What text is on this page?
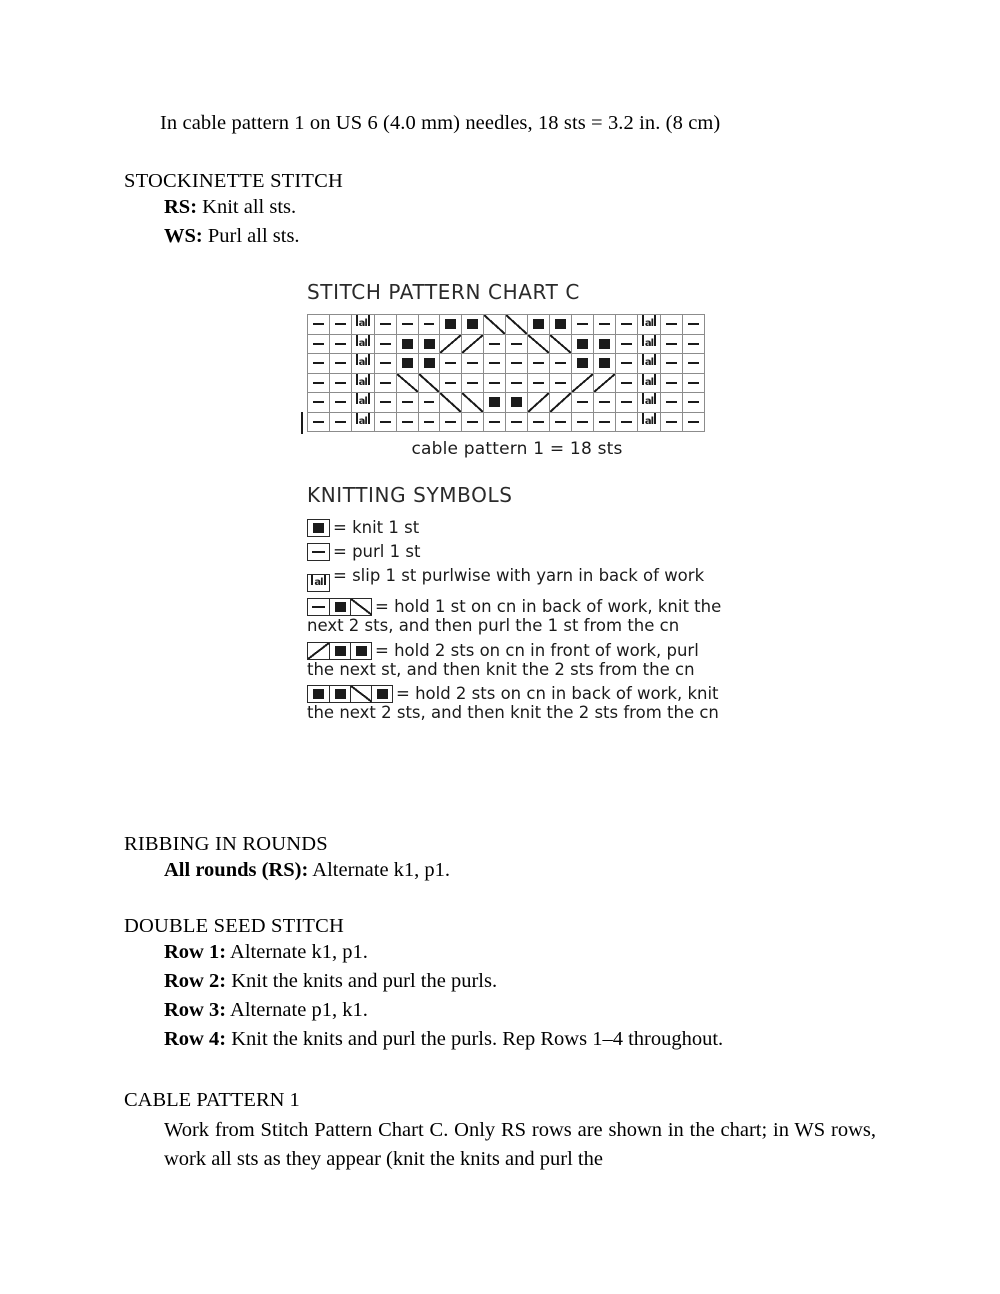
In cable pattern 1 on US 6 (4.0 mm) needles, 18 sts = 3.2 in. (8 cm)
STOCKINETTE STITCH
RS: Knit all sts.
WS: Purl all sts.
STITCH PATTERN CHART C
		al													al		
		al													al		
		al													al		
		al													al		
		al													al		
		al													al		
cable pattern 1 = 18 sts
KNITTING SYMBOLS
= knit 1 st
= purl 1 st
al = slip 1 st purlwise with yarn in back of work
= hold 1 st on cn in back of work, knit the next 2 sts, and then purl the 1 st from the cn
= hold 2 sts on cn in front of work, purl the next st, and then knit the 2 sts from the cn
= hold 2 sts on cn in back of work, knit the next 2 sts, and then knit the 2 sts from the cn
RIBBING IN ROUNDS
All rounds (RS): Alternate k1, p1.
DOUBLE SEED STITCH
Row 1: Alternate k1, p1.
Row 2: Knit the knits and purl the purls.
Row 3: Alternate p1, k1.
Row 4: Knit the knits and purl the purls. Rep Rows 1–4 throughout.
CABLE PATTERN 1
Work from Stitch Pattern Chart C. Only RS rows are shown in the chart; in WS rows, work all sts as they appear (knit the knits and purl the
